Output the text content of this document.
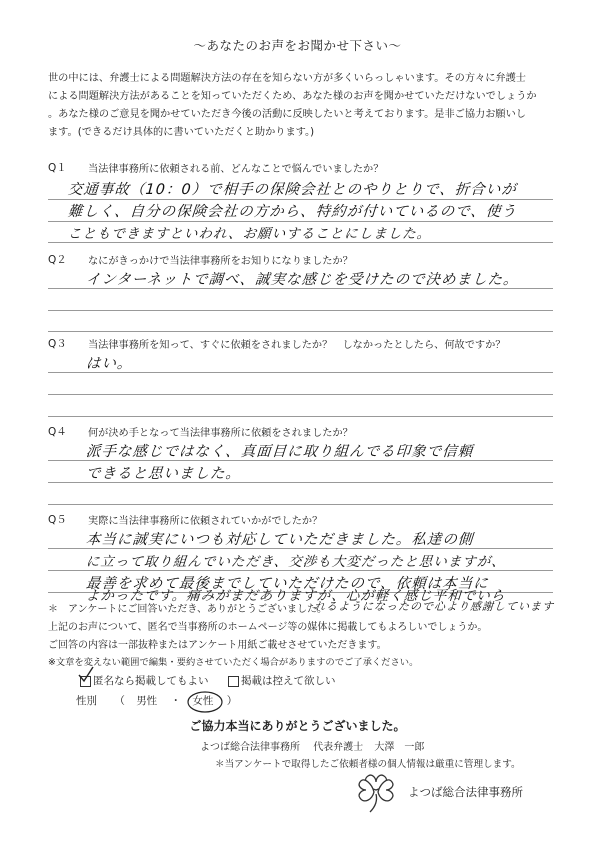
〜あなたのお声をお聞かせ下さい〜
世の中には、弁護士による問題解決方法の存在を知らない方が多くいらっしゃいます。その方々に弁護士
による問題解決方法があることを知っていただくため、あなた様のお声を聞かせていただけないでしょうか
。あなた様のご意見を聞かせていただき今後の活動に反映したいと考えております。是非ご協力お願いし
ます。(できるだけ具体的に書いていただくと助かります。)
Q１ 当法律事務所に依頼される前、どんなことで悩んでいましたか？
交通事故（10：0）で相手の保険会社とのやりとりで、折合いが
難しく、自分の保険会社の方から、特約が付いているので、使う
こともできますといわれ、お願いすることにしました。
Q２ なにがきっかけで当法律事務所をお知りになりましたか？
インターネットで調べ、誠実な感じを受けたので決めました。
Q３ 当法律事務所を知って、すぐに依頼をされましたか？　しなかったとしたら、何故ですか？
はい。
Q４ 何が決め手となって当法律事務所に依頼をされましたか？
派手な感じではなく、真面目に取り組んでる印象で信頼
できると思いました。
Q５ 実際に当法律事務所に依頼されていかがでしたか？
本当に誠実にいつも対応していただきました。私達の側
に立って取り組んでいただき、交渉も大変だったと思いますが、
最善を求めて最後までしていただけたので、依頼は本当に
よかったです。痛みがまだありますが、心が軽く感じ平和でいら
れるようになったので心より感謝しています
＊　アンケートにご回答いただき、ありがとうございました。
上記のお声について、匿名で当事務所のホームページ等の媒体に掲載してもよろしいでしょうか。
ご回答の内容は一部抜粋またはアンケート用紙ご載せさせていただきます。
※文章を変えない範囲で編集・要約させていただく場合がありますのでご了承ください。
匿名なら掲載してもよい	掲載は控えて欲しい
性別 （ 男性 ・ 女性 ）
ご協力本当にありがとうございました。
よつば総合法律事務所 代表弁護士 大澤　一郎
＊当アンケートで取得したご依頼者様の個人情報は厳重に管理します。
よつば総合法律事務所
